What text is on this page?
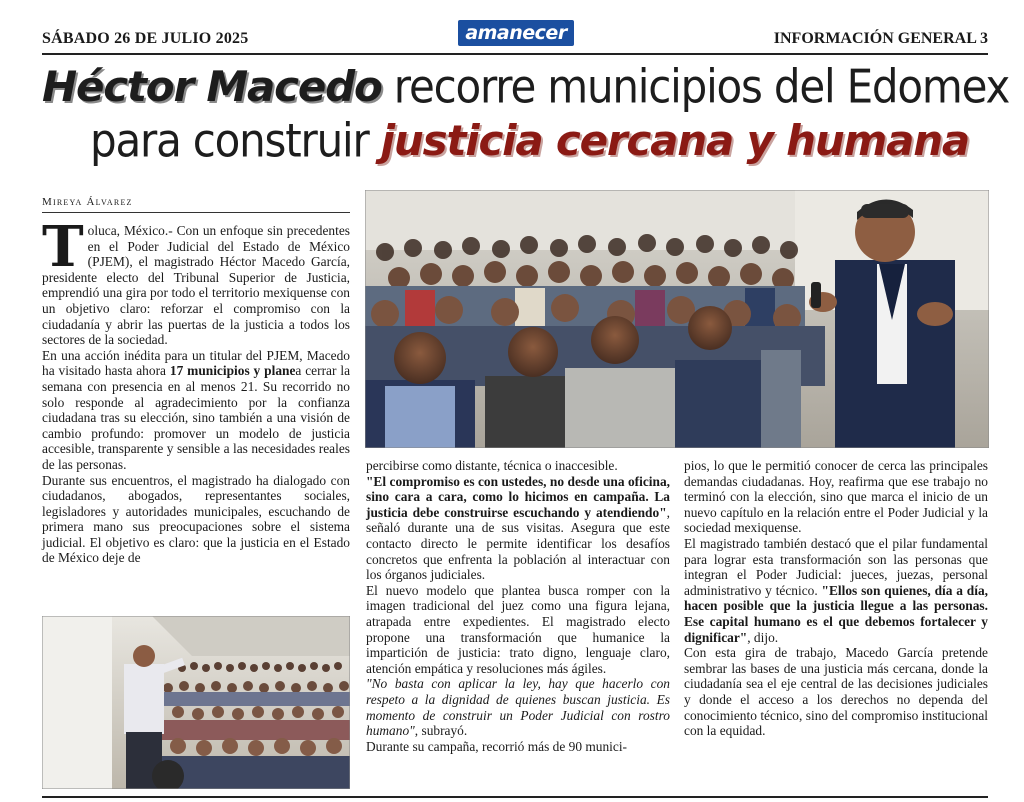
SÁBADO 26 DE JULIO 2025	amanecer	INFORMACIÓN GENERAL 3
Héctor Macedo recorre municipios del Edomex
para construir justicia cercana y humana
Mireya Álvarez

Toluca, México.- Con un enfoque sin precedentes en el Poder Judicial del Estado de México (PJEM), el magistrado Héctor Macedo García, presidente electo del Tribunal Superior de Justicia, emprendió una gira por todo el territorio mexiquense con un objetivo claro: reforzar el compromiso con la ciudadanía y abrir las puertas de la justicia a todos los sectores de la sociedad.

En una acción inédita para un titular del PJEM, Macedo ha visitado hasta ahora 17 municipios y planea cerrar la semana con presencia en al menos 21. Su recorrido no solo responde al agradecimiento por la confianza ciudadana tras su elección, sino también a una visión de cambio profundo: promover un modelo de justicia accesible, transparente y sensible a las necesidades reales de las personas.

Durante sus encuentros, el magistrado ha dialogado con ciudadanos, abogados, representantes sociales, legisladores y autoridades municipales, escuchando de primera mano sus preocupaciones sobre el sistema judicial. El objetivo es claro: que la justicia en el Estado de México deje de

percibirse como distante, técnica o inaccesible.

"El compromiso es con ustedes, no desde una oficina, sino cara a cara, como lo hicimos en campaña. La justicia debe construirse escuchando y atendiendo", señaló durante una de sus visitas. Asegura que este contacto directo le permite identificar los desafíos concretos que enfrenta la población al interactuar con los órganos judiciales.

El nuevo modelo que plantea busca romper con la imagen tradicional del juez como una figura lejana, atrapada entre expedientes. El magistrado electo propone una transformación que humanice la impartición de justicia: trato digno, lenguaje claro, atención empática y resoluciones más ágiles.

"No basta con aplicar la ley, hay que hacerlo con respeto a la dignidad de quienes buscan justicia. Es momento de construir un Poder Judicial con rostro humano", subrayó.

Durante su campaña, recorrió más de 90 munici-

pios, lo que le permitió conocer de cerca las principales demandas ciudadanas. Hoy, reafirma que ese trabajo no terminó con la elección, sino que marca el inicio de un nuevo capítulo en la relación entre el Poder Judicial y la sociedad mexiquense.

El magistrado también destacó que el pilar fundamental para lograr esta transformación son las personas que integran el Poder Judicial: jueces, juezas, personal administrativo y técnico. "Ellos son quienes, día a día, hacen posible que la justicia llegue a las personas. Ese capital humano es el que debemos fortalecer y dignificar", dijo.

Con esta gira de trabajo, Macedo García pretende sembrar las bases de una justicia más cercana, donde la ciudadanía sea el eje central de las decisiones judiciales y donde el acceso a los derechos no dependa del conocimiento técnico, sino del compromiso institucional con la equidad.
